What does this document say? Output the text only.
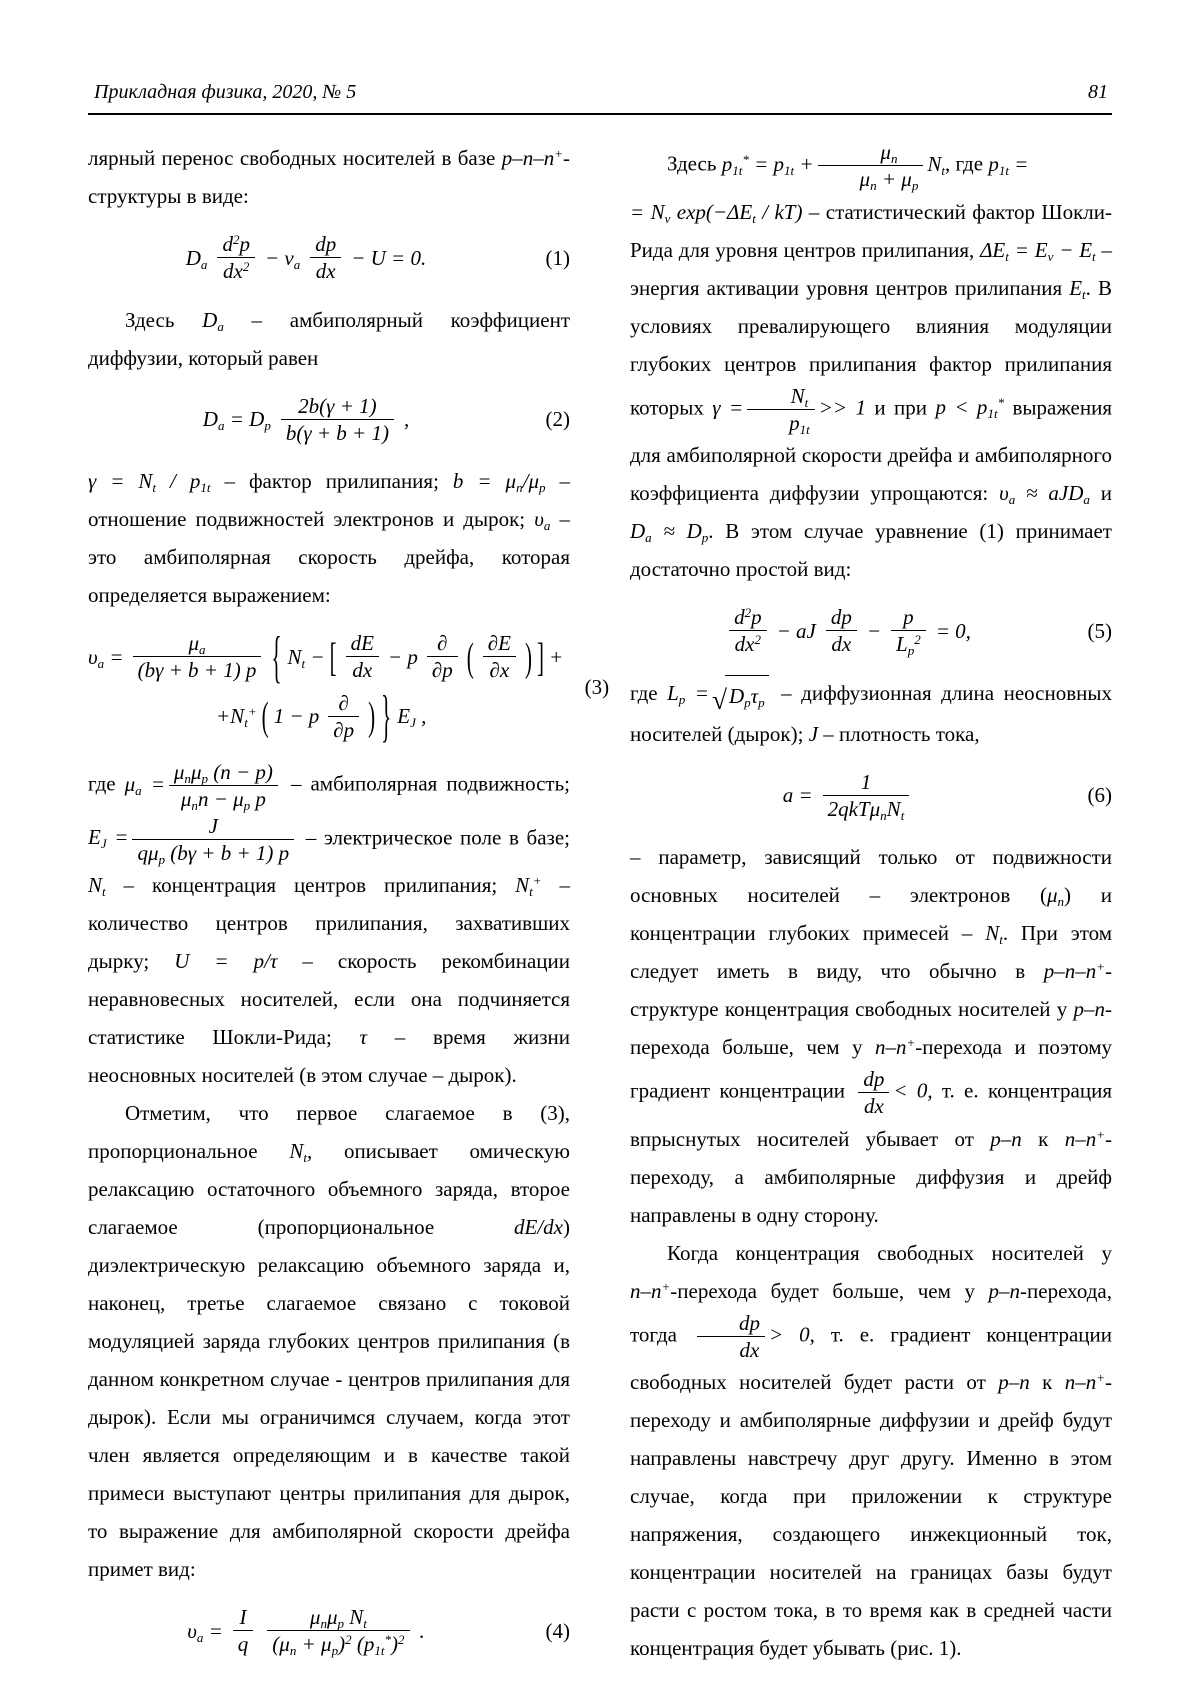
Прикладная физика, 2020, № 5	81

лярный перенос свободных носителей в базе p–n–n+-структуры в виде:

$D_a \frac{d^2p}{dx^2} - v_a \frac{dp}{dx} - U = 0$.	(1)

Здесь $D_a$ – амбиполярный коэффициент диффузии, который равен

$D_a = D_p \frac{2b(\gamma + 1)}{b(\gamma + b + 1)}$ ,	(2)

$\gamma = N_t / p_{1t}$ – фактор прилипания; $b = \mu_n/\mu_p$ – отношение подвижностей электронов и дырок; $\upsilon_a$ – это амбиполярная скорость дрейфа, которая определяется выражением:

$\upsilon_a = \frac{\mu_a}{(b\gamma + b + 1) p}$ { $N_t$ − [ $\frac{dE}{dx} - p \frac{\partial}{\partial p}$ ( $\frac{\partial E}{\partial x}$ ) ] +
$+N_t^+$ ( 1 − p $\frac{\partial}{\partial p}$ ) } $E_J$ ,
(3)

где $\mu_a = \frac{\mu_n\mu_p (n - p)}{\mu_nn - \mu_p p}$ – амбиполярная подвижность; $E_J = \frac{J}{q\mu_p (b\gamma + b + 1) p}$ – электрическое поле в базе; $N_t$ – концентрация центров прилипания; $N_t^+$ – количество центров прилипания, захвативших дырку; U = p/τ – скорость рекомбинации неравновесных носителей, если она подчиняется статистике Шокли-Рида; τ – время жизни неосновных носителей (в этом случае – дырок).

Отметим, что первое слагаемое в (3), пропорциональное $N_t$, описывает омическую релаксацию остаточного объемного заряда, второе слагаемое (пропорциональное dE/dx) диэлектрическую релаксацию объемного заряда и, наконец, третье слагаемое связано с токовой модуляцией заряда глубоких центров прилипания (в данном конкретном случае - центров прилипания для дырок). Если мы ограничимся случаем, когда этот член является определяющим и в качестве такой примеси выступают центры прилипания для дырок, то выражение для амбиполярной скорости дрейфа примет вид:

$\upsilon_a = \frac{I}{q} \frac{\mu_n\mu_p N_t}{(\mu_n + \mu_p)^2 (p_{1t}^*)^2}$ .	(4)

Здесь $p_{1t}^* = p_{1t} + \frac{\mu_n}{\mu_n + \mu_p} N_t$, где $p_{1t}$ =
= $N_v$ $\exp(-\Delta E_t / kT)$ – статистический фактор Шокли-Рида для уровня центров прилипания, $\Delta E_t = E_v - E_t$ – энергия активации уровня центров прилипания $E_t$. В условиях превалирующего влияния модуляции глубоких центров прилипания фактор прилипания которых $\gamma = \frac{N_t}{p_{1t}} >> 1$ и при $p < p_{1t}^*$ выражения для амбиполярной скорости дрейфа и амбиполярного коэффициента диффузии упрощаются: $\upsilon_a \approx aJD_a$ и $D_a \approx D_p$. В этом случае уравнение (1) принимает достаточно простой вид:

$\frac{d^2p}{dx^2}$ − aJ $\frac{dp}{dx} - \frac{p}{L_p^2} = 0$,	(5)

где $L_p$ = √ $D_p\tau_p$ – диффузионная длина неосновных носителей (дырок); J – плотность тока,

$a = \frac{1}{2qkT\mu_nN_t}$	(6)

– параметр, зависящий только от подвижности основных носителей – электронов $(\mu_n)$ и концентрации глубоких примесей – $N_t$. При этом следует иметь в виду, что обычно в p–n–n+- структуре концентрация свободных носителей у p–n-перехода больше, чем у n–n+-перехода и поэтому градиент концентрации $\frac{dp}{dx} < 0$, т. е. концентрация впрыснутых носителей убывает от p–n к n–n+-переходу, а амбиполярные диффузия и дрейф направлены в одну сторону.

Когда концентрация свободных носителей у n–n+-перехода будет больше, чем у p–n-перехода, тогда $\frac{dp}{dx} > 0$, т. е. градиент концентрации свободных носителей будет расти от p–n к n–n+-переходу и амбиполярные диффузии и дрейф будут направлены навстречу друг другу. Именно в этом случае, когда при приложении к структуре напряжения, создающего инжекционный ток, концентрации носителей на границах базы будут расти с ростом тока, в то время как в средней части концентрация будет убывать (рис. 1).
